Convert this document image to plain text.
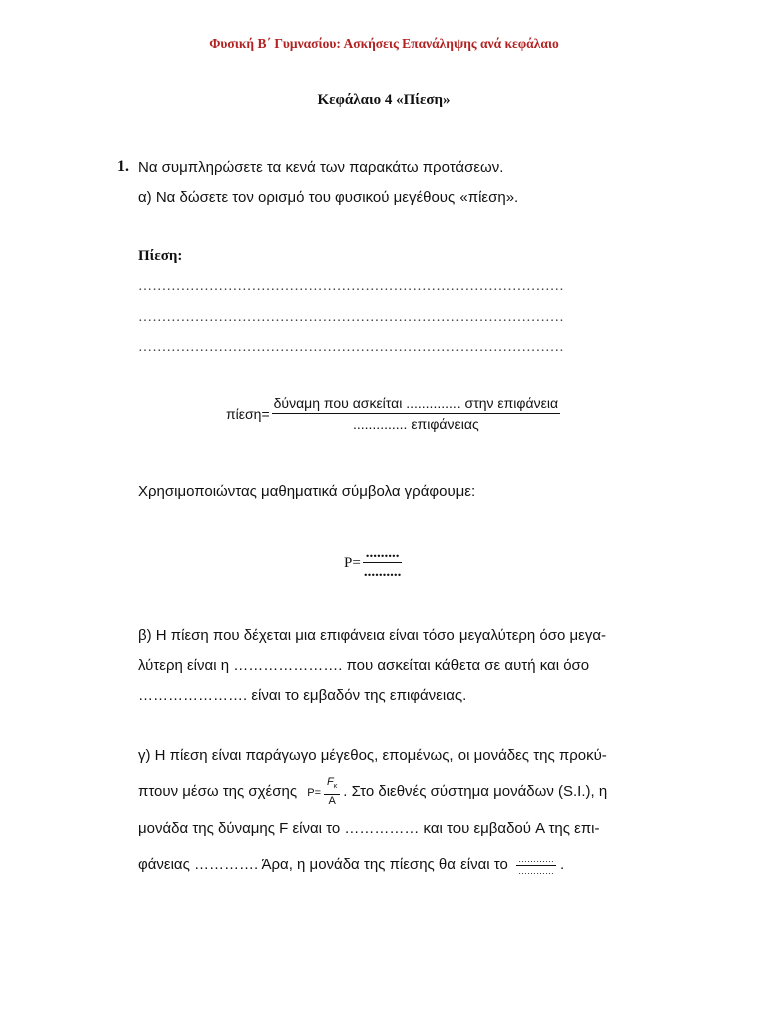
Φυσική Β΄ Γυμνασίου: Ασκήσεις Επανάληψης ανά κεφάλαιο
Κεφάλαιο 4 «Πίεση»
1. Να συμπληρώσετε τα κενά των παρακάτω προτάσεων.
α) Να δώσετε τον ορισμό του φυσικού μεγέθους «πίεση».
Πίεση:
………………………………………………………………………………
………………………………………………………………………………
………………………………………………………………………………
$\pi ί\varepsilon\sigma\eta= \frac{\text{δύναμη που ασκείται .............. στην επιφάνεια}}{\text{.............. επιφάνειας}}$
Χρησιμοποιώντας μαθηματικά σύμβολα γράφουμε:
$P= \frac{.........}{..........}$
β) Η πίεση που δέχεται μια επιφάνεια είναι τόσο μεγαλύτερη όσο μεγα-
λύτερη είναι η …………………. που ασκείται κάθετα σε αυτή και όσο
…………………. είναι το εμβαδόν της επιφάνειας.
γ) Η πίεση είναι παράγωγο μέγεθος, επομένως, οι μονάδες της προκύ-
πτουν μέσω της σχέσης $P= \frac{F_\kappa}{A}$ . Στο διεθνές σύστημα μονάδων (S.I.), η
μονάδα της δύναμης F είναι το …………… και του εμβαδού A της επι-
φάνειας …………. Άρα, η μονάδα της πίεσης θα είναι το $\frac{\dots\dots\dots\dots}{\dots\dots\dots\dots}$ .
